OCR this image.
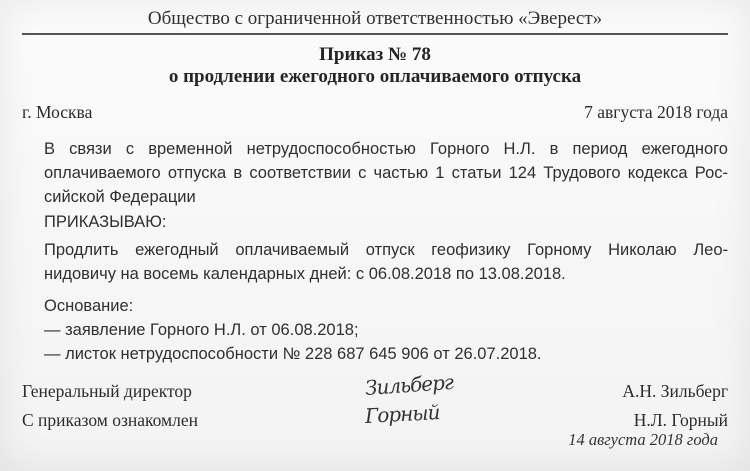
Общество с ограниченной ответственностью «Эверест»
Приказ № 78
о продлении ежегодного оплачиваемого отпуска
г. Москва	7 августа 2018 года
В связи с временной нетрудоспособностью Горного Н.Л. в период ежегодного
оплачиваемого отпуска в соответствии с частью 1 статьи 124 Трудового кодекса Рос-
сийской Федерации
ПРИКАЗЫВАЮ:
Продлить ежегодный оплачиваемый отпуск геофизику Горному Николаю Лео-
нидовичу на восемь календарных дней: с 06.08.2018 по 13.08.2018.
Основание:
— заявление Горного Н.Л. от 06.08.2018;
— листок нетрудоспособности № 228 687 645 906 от 26.07.2018.
Генеральный директор	Зильберг	А.Н. Зильберг
С приказом ознакомлен	Горный	Н.Л. Горный
14 августа 2018 года
